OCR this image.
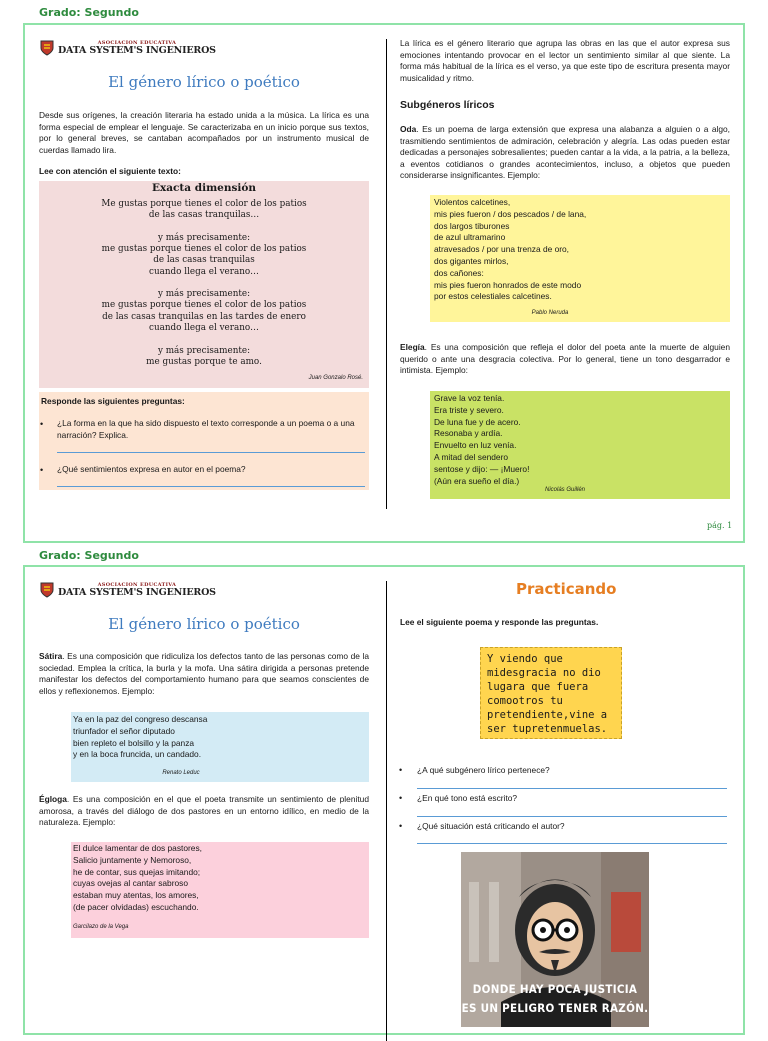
Grado: Segundo
ASOCIACION EDUCATIVA
DATA SYSTEM'S INGENIEROS
El género lírico o poético
Desde sus orígenes, la creación literaria ha estado unida a la música. La lírica es una forma especial de emplear el lenguaje. Se caracterizaba en un inicio porque sus textos, por lo general breves, se cantaban acompañados por un instrumento musical de cuerdas llamado lira.
Lee con atención el siguiente texto:
Exacta dimensión
Me gustas porque tienes el color de los patios
de las casas tranquilas…

y más precisamente:
me gustas porque tienes el color de los patios
de las casas tranquilas
cuando llega el verano…

y más precisamente:
me gustas porque tienes el color de los patios
de las casas tranquilas en las tardes de enero
cuando llega el verano…

y más precisamente:
me gustas porque te amo.
Juan Gonzalo Rosé.
Responde las siguientes preguntas:
• ¿La forma en la que ha sido dispuesto el texto corresponde a un poema o a una narración? Explica.
• ¿Qué sentimientos expresa en autor en el poema?
La lírica es el género literario que agrupa las obras en las que el autor expresa sus emociones intentando provocar en el lector un sentimiento similar al que siente. La forma más habitual de la lírica es el verso, ya que este tipo de escritura presenta mayor musicalidad y ritmo.
Subgéneros líricos
Oda. Es un poema de larga extensión que expresa una alabanza a alguien o a algo, trasmitiendo sentimientos de admiración, celebración y alegría. Las odas pueden estar dedicadas a personajes sobresalientes; pueden cantar a la vida, a la patria, a la belleza, a eventos cotidianos o grandes acontecimientos, incluso, a objetos que pueden considerarse insignificantes. Ejemplo:
Violentos calcetines,
mis pies fueron / dos pescados / de lana,
dos largos tiburones
de azul ultramarino
atravesados / por una trenza de oro,
dos gigantes mirlos,
dos cañones:
mis pies fueron honrados de este modo
por estos celestiales calcetines.
Pablo Neruda
Elegía. Es una composición que refleja el dolor del poeta ante la muerte de alguien querido o ante una desgracia colectiva. Por lo general, tiene un tono desgarrador e intimista. Ejemplo:
Grave la voz tenía.
Era triste y severo.
De luna fue y de acero.
Resonaba y ardía.
Envuelto en luz venía.
A mitad del sendero
sentose y dijo: — ¡Muero!
(Aún era sueño el día.)
Nicolás Guillén
pág. 1
Grado: Segundo
ASOCIACION EDUCATIVA
DATA SYSTEM'S INGENIEROS
El género lírico o poético
Sátira. Es una composición que ridiculiza los defectos tanto de las personas como de la sociedad. Emplea la crítica, la burla y la mofa. Una sátira dirigida a personas pretende manifestar los defectos del comportamiento humano para que seamos conscientes de ellos y reflexionemos. Ejemplo:
Ya en la paz del congreso descansa
triunfador el señor diputado
bien repleto el bolsillo y la panza
y en la boca fruncida, un candado.
Renato Leduc
Égloga. Es una composición en el que el poeta transmite un sentimiento de plenitud amorosa, a través del diálogo de dos pastores en un entorno idílico, en medio de la naturaleza. Ejemplo:
El dulce lamentar de dos pastores,
Salicio juntamente y Nemoroso,
he de contar, sus quejas imitando;
cuyas ovejas al cantar sabroso
estaban muy atentas, los amores,
(de pacer olvidadas) escuchando.
Garcilazo de la Vega
Practicando
Lee el siguiente poema y responde las preguntas.
Y viendo que midesgracia no dio lugara que fuera comootros tu pretendiente,vine a ser tupretenmuelas.
• ¿A qué subgénero lírico pertenece?
• ¿En qué tono está escrito?
• ¿Qué situación está criticando el autor?
DONDE HAY POCA JUSTICIA
ES UN PELIGRO TENER RAZÓN.
